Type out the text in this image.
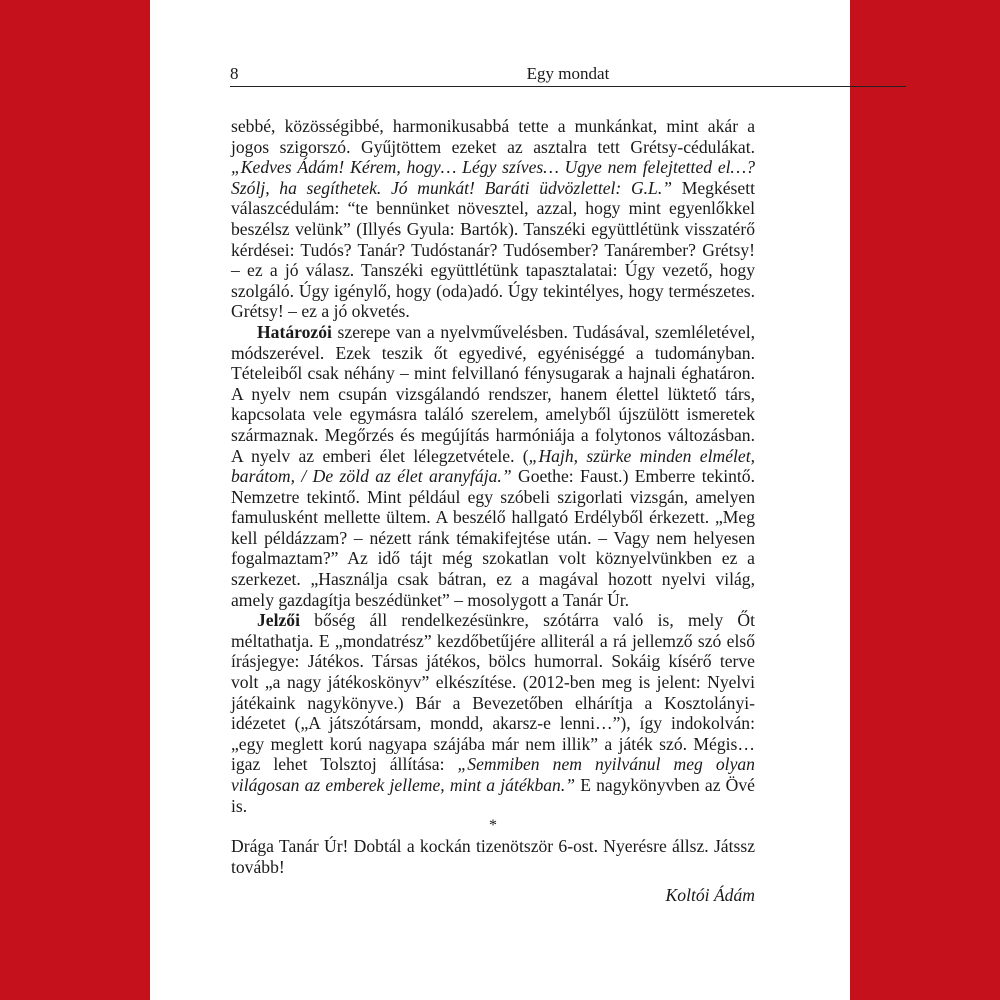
8	Egy mondat

sebbé, közösségibbé, harmonikusabbá tette a munkánkat, mint akár a jogos szigorszó. Gyűjtöttem ezeket az asztalra tett Grétsy-cédulákat. „Kedves Ádám! Kérem, hogy… Légy szíves… Ugye nem felejtetted el…? Szólj, ha segíthetek. Jó munkát! Baráti üdvözlettel: G.L.” Megkésett válaszcédulám: “te bennünket növesztel, azzal, hogy mint egyenlőkkel beszélsz velünk” (Illyés Gyula: Bartók). Tanszéki együttlétünk visszatérő kérdései: Tudós? Tanár? Tudóstanár? Tudósember? Tanárember? Grétsy! – ez a jó válasz. Tanszéki együttlétünk tapasztalatai: Úgy vezető, hogy szolgáló. Úgy igénylő, hogy (oda)adó. Úgy tekintélyes, hogy természetes. Grétsy! – ez a jó okvetés.

Határozói szerepe van a nyelvművelésben. Tudásával, szemléletével, módszerével. Ezek teszik őt egyedivé, egyéniséggé a tudományban. Tételeiből csak néhány – mint felvillanó fénysugarak a hajnali éghatáron. A nyelv nem csupán vizsgálandó rendszer, hanem élettel lüktető társ, kapcsolata vele egymásra találó szerelem, amelyből újszülött ismeretek származnak. Megőrzés és megújítás harmóniája a folytonos változásban. A nyelv az emberi élet lélegzetvétele. („Hajh, szürke minden elmélet, barátom, / De zöld az élet aranyfája.” Goethe: Faust.) Emberre tekintő. Nemzetre tekintő. Mint például egy szóbeli szigorlati vizsgán, amelyen famulusként mellette ültem. A beszélő hallgató Erdélyből érkezett. „Meg kell példázzam? – nézett ránk témakifejtése után. – Vagy nem helyesen fogalmaztam?” Az idő tájt még szokatlan volt köznyelvünkben ez a szerkezet. „Használja csak bátran, ez a magával hozott nyelvi világ, amely gazdagítja beszédünket” – mosolygott a Tanár Úr.

Jelzői bőség áll rendelkezésünkre, szótárra való is, mely Őt méltathatja. E „mondatrész” kezdőbetűjére alliterál a rá jellemző szó első írásjegye: Játékos. Társas játékos, bölcs humorral. Sokáig kísérő terve volt „a nagy játékoskönyv” elkészítése. (2012-ben meg is jelent: Nyelvi játékaink nagykönyve.) Bár a Bevezetőben elhárítja a Kosztolányi-idézetet („A játszótársam, mondd, akarsz-e lenni…”), így indokolván: „egy meglett korú nagyapa szájába már nem illik” a játék szó. Mégis… igaz lehet Tolsztoj állítása: „Semmiben nem nyilvánul meg olyan világosan az emberek jelleme, mint a játékban.” E nagykönyvben az Övé is.

*

Drága Tanár Úr! Dobtál a kockán tizenötször 6-ost. Nyerésre állsz. Játssz tovább!

Koltói Ádám
